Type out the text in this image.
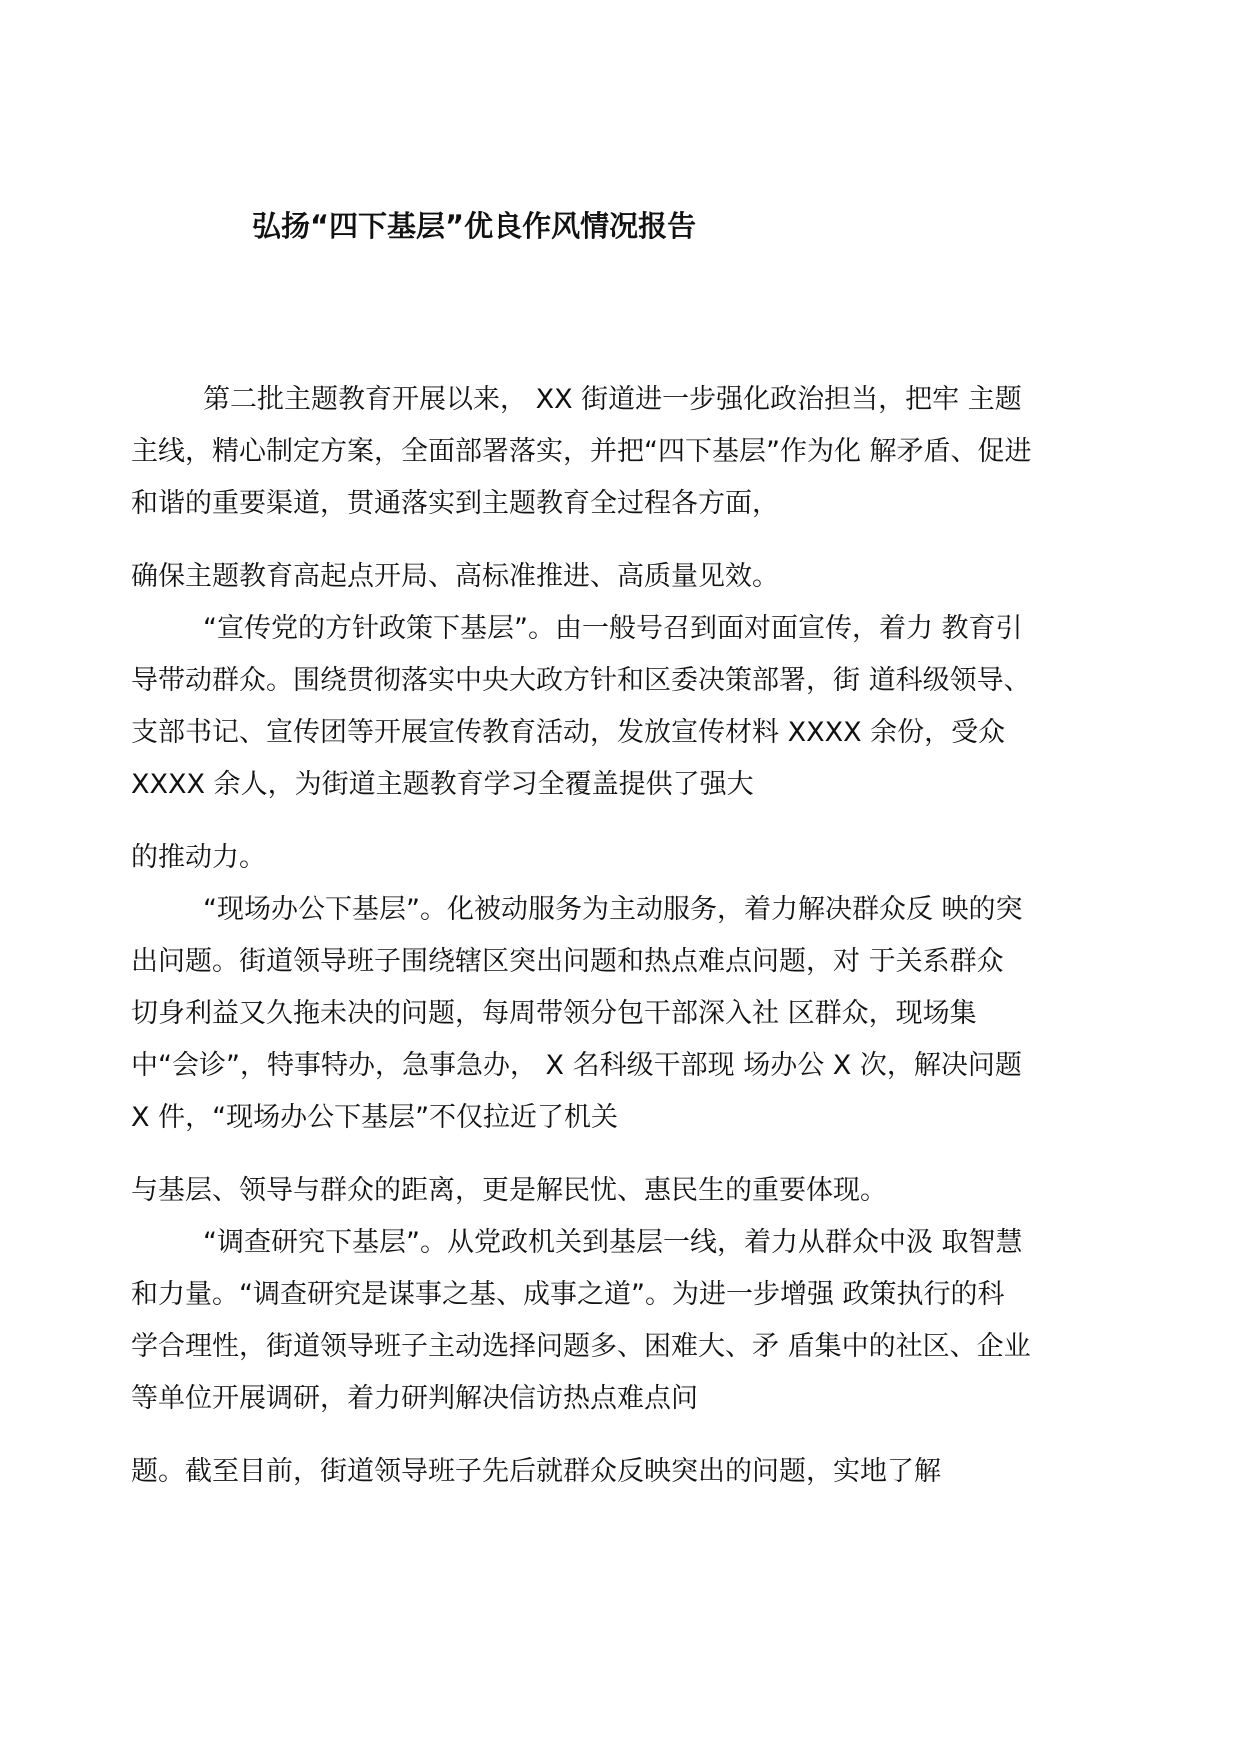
弘扬“四下基层”优良作风情况报告
第二批主题教育开展以来， XX 街道进一步强化政治担当，把牢 主题
主线，精心制定方案，全面部署落实，并把“四下基层”作为化 解矛盾、促进
和谐的重要渠道，贯通落实到主题教育全过程各方面，
确保主题教育高起点开局、高标准推进、高质量见效。
“宣传党的方针政策下基层”。由一般号召到面对面宣传，着力 教育引
导带动群众。围绕贯彻落实中央大政方针和区委决策部署，街 道科级领导、
支部书记、宣传团等开展宣传教育活动，发放宣传材料 XXXX 余份，受众
XXXX 余人，为街道主题教育学习全覆盖提供了强大
的推动力。
“现场办公下基层”。化被动服务为主动服务，着力解决群众反 映的突
出问题。街道领导班子围绕辖区突出问题和热点难点问题，对 于关系群众
切身利益又久拖未决的问题，每周带领分包干部深入社 区群众，现场集
中“会诊”，特事特办，急事急办， X 名科级干部现 场办公 X 次，解决问题
X 件，“现场办公下基层”不仅拉近了机关
与基层、领导与群众的距离，更是解民忧、惠民生的重要体现。
“调查研究下基层”。从党政机关到基层一线，着力从群众中汲 取智慧
和力量。“调查研究是谋事之基、成事之道”。为进一步增强 政策执行的科
学合理性，街道领导班子主动选择问题多、困难大、矛 盾集中的社区、企业
等单位开展调研，着力研判解决信访热点难点问
题。截至目前，街道领导班子先后就群众反映突出的问题，实地了解
